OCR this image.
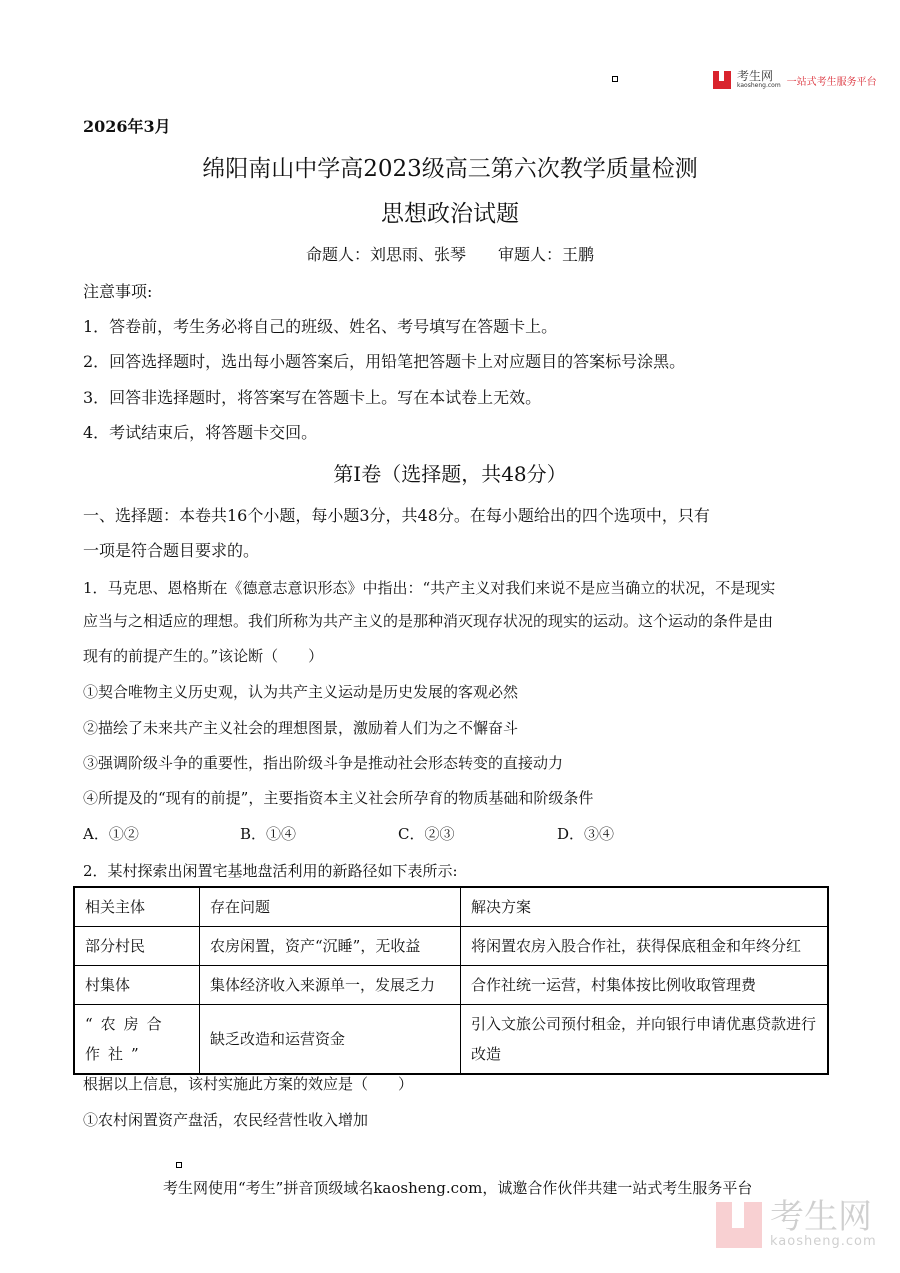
考生网
kaosheng.com 一站式考生服务平台
2026年3月
绵阳南山中学高2023级高三第六次教学质量检测
思想政治试题
命题人：刘思雨、张琴　　审题人：王鹏
注意事项:
1．答卷前，考生务必将自己的班级、姓名、考号填写在答题卡上。
2．回答选择题时，选出每小题答案后，用铅笔把答题卡上对应题目的答案标号涂黑。
3．回答非选择题时，将答案写在答题卡上。写在本试卷上无效。
4．考试结束后，将答题卡交回。
第Ⅰ卷（选择题，共48分）
一、选择题：本卷共16个小题，每小题3分，共48分。在每小题给出的四个选项中，只有
一项是符合题目要求的。
1．马克思、恩格斯在《德意志意识形态》中指出：“共产主义对我们来说不是应当确立的状况，不是现实
应当与之相适应的理想。我们所称为共产主义的是那种消灭现存状况的现实的运动。这个运动的条件是由
现有的前提产生的。”该论断（　　）
①契合唯物主义历史观，认为共产主义运动是历史发展的客观必然
②描绘了未来共产主义社会的理想图景，激励着人们为之不懈奋斗
③强调阶级斗争的重要性，指出阶级斗争是推动社会形态转变的直接动力
④所提及的“现有的前提”，主要指资本主义社会所孕育的物质基础和阶级条件
A．①②	B．①④	C．②③	D．③④
2．某村探索出闲置宅基地盘活利用的新路径如下表所示:
相关主体	存在问题	解决方案
部分村民	农房闲置，资产“沉睡”，无收益	将闲置农房入股合作社，获得保底租金和年终分红
村集体	集体经济收入来源单一，发展乏力	合作社统一运营，村集体按比例收取管理费
“农房合作社”	缺乏改造和运营资金	引入文旅公司预付租金，并向银行申请优惠贷款进行改造
根据以上信息，该村实施此方案的效应是（　　）
①农村闲置资产盘活，农民经营性收入增加
考生网使用“考生”拼音顶级域名kaosheng.com，诚邀合作伙伴共建一站式考生服务平台
考生网
kaosheng.com
